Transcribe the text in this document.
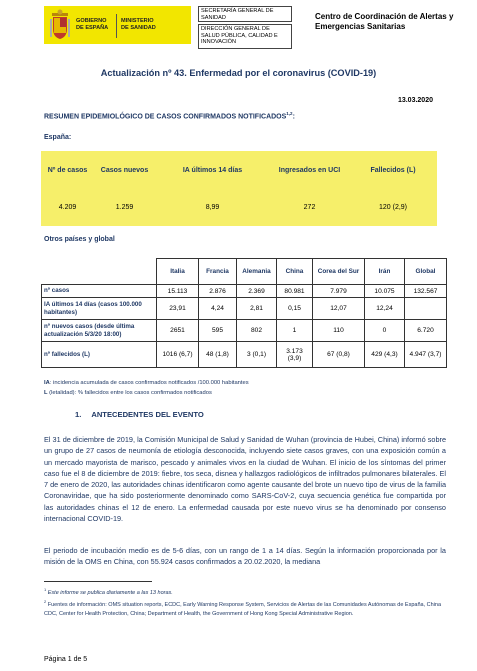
GOBIERNO
DE ESPAÑA
MINISTERIO
DE SANIDAD
SECRETARÍA GENERAL DE SANIDAD
DIRECCIÓN GENERAL DE SALUD PÚBLICA, CALIDAD E INNOVACIÓN
Centro de Coordinación de Alertas y Emergencias Sanitarias
Actualización nº 43. Enfermedad por el coronavirus (COVID-19)
13.03.2020
RESUMEN EPIDEMIOLÓGICO DE CASOS CONFIRMADOS NOTIFICADOS$^{1,2}$:
España:
Nº de casos	Casos nuevos	IA últimos 14 días	Ingresados en UCI	Fallecidos (L)
4.209	1.259	8,99	272	120 (2,9)
Otros países y global
	Italia	Francia	Alemania	China	Corea del Sur	Irán	Global
nº casos	15.113	2.876	2.369	80.981	7.979	10.075	132.567
IA últimos 14 días (casos 100.000 habitantes)	23,91	4,24	2,81	0,15	12,07	12,24	
nº nuevos casos (desde última actualización 5/3/20 18:00)	2651	595	802	1	110	0	6.720
nº fallecidos (L)	1016 (6,7)	48 (1,8)	3 (0,1)	3.173 (3,9)	67 (0,8)	429 (4,3)	4.947 (3,7)
IA: incidencia acumulada de casos confirmados notificados /100.000 habitantes
L (letalidad): % fallecidos entre los casos confirmados notificados
1. ANTECEDENTES DEL EVENTO
El 31 de diciembre de 2019, la Comisión Municipal de Salud y Sanidad de Wuhan (provincia de Hubei, China) informó sobre un grupo de 27 casos de neumonía de etiología desconocida, incluyendo siete casos graves, con una exposición común a un mercado mayorista de marisco, pescado y animales vivos en la ciudad de Wuhan. El inicio de los síntomas del primer caso fue el 8 de diciembre de 2019: fiebre, tos seca, disnea y hallazgos radiológicos de infiltrados pulmonares bilaterales. El 7 de enero de 2020, las autoridades chinas identificaron como agente causante del brote un nuevo tipo de virus de la familia Coronaviridae, que ha sido posteriormente denominado como SARS-CoV-2, cuya secuencia genética fue compartida por las autoridades chinas el 12 de enero. La enfermedad causada por este nuevo virus se ha denominado por consenso internacional COVID-19.
El periodo de incubación medio es de 5-6 días, con un rango de 1 a 14 días. Según la información proporcionada por la misión de la OMS en China, con 55.924 casos confirmados a 20.02.2020, la mediana
$^1$ Este informe se publica diariamente a las 13 horas.
$^2$ Fuentes de información: OMS situation reports, ECDC, Early Warning Response System, Servicios de Alertas de las Comunidades Autónomas de España, China CDC, Center for Health Protection, China; Department of Health, the Government of Hong Kong Special Administrative Region.
Página 1 de 5
